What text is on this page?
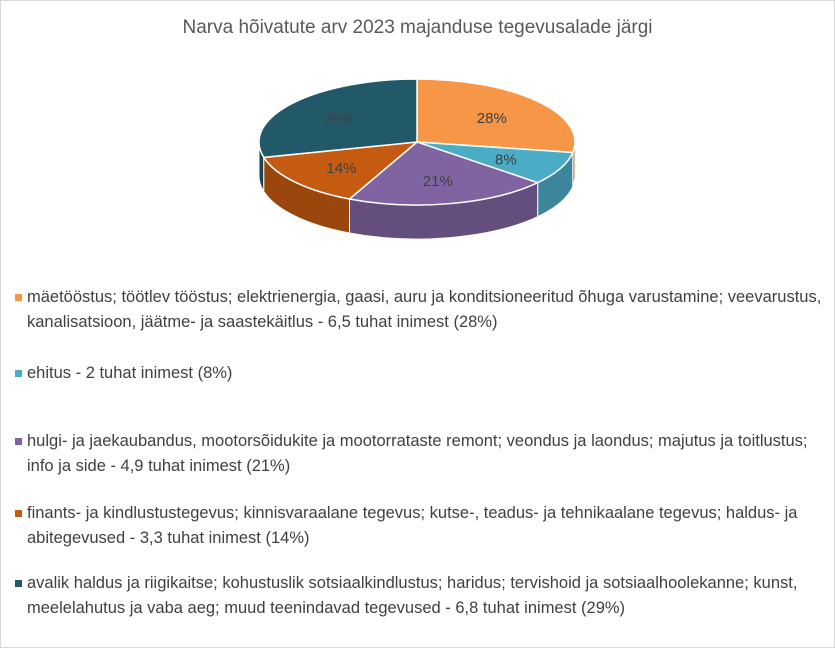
Narva hõivatute arv 2023 majanduse tegevusalade järgi
28%
8%
21%
14%
29%
mäetööstus; töötlev tööstus; elektrienergia, gaasi, auru ja konditsioneeritud õhuga varustamine; veevarustus, kanalisatsioon, jäätme- ja saastekäitlus - 6,5 tuhat inimest (28%)
ehitus - 2 tuhat inimest (8%)
hulgi- ja jaekaubandus, mootorsõidukite ja mootorrataste remont; veondus ja laondus; majutus ja toitlustus; info ja side - 4,9 tuhat inimest (21%)
finants- ja kindlustustegevus; kinnisvaraalane tegevus; kutse-, teadus- ja tehnikaalane tegevus; haldus- ja abitegevused - 3,3 tuhat inimest (14%)
avalik haldus ja riigikaitse; kohustuslik sotsiaalkindlustus; haridus; tervishoid ja sotsiaalhoolekanne; kunst, meelelahutus ja vaba aeg; muud teenindavad tegevused - 6,8 tuhat inimest (29%)
